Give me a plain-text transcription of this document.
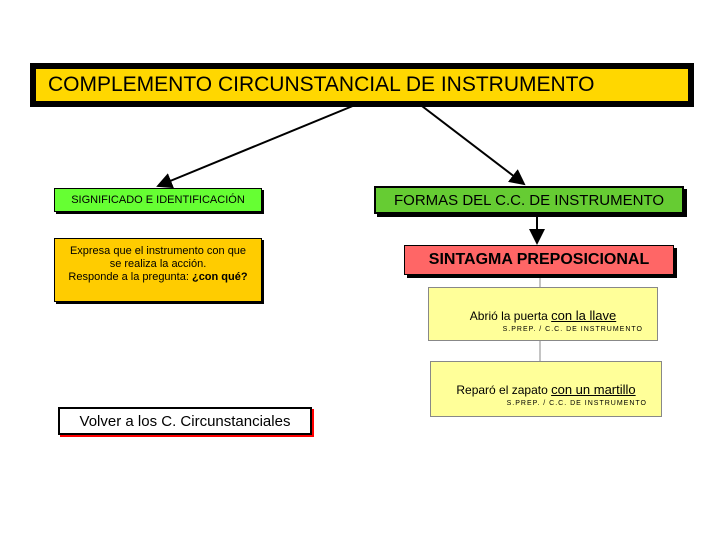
COMPLEMENTO CIRCUNSTANCIAL DE INSTRUMENTO
SIGNIFICADO E IDENTIFICACIÓN	FORMAS DEL C.C. DE INSTRUMENTO
Expresa que el instrumento con que
se realiza la acción.
Responde a la pregunta: ¿con qué?
SINTAGMA PREPOSICIONAL
Abrió la puerta con la llave
S.PREP. / C.C. DE INSTRUMENTO
Reparó el zapato con un martillo
S.PREP. / C.C. DE INSTRUMENTO
Volver a los C. Circunstanciales
